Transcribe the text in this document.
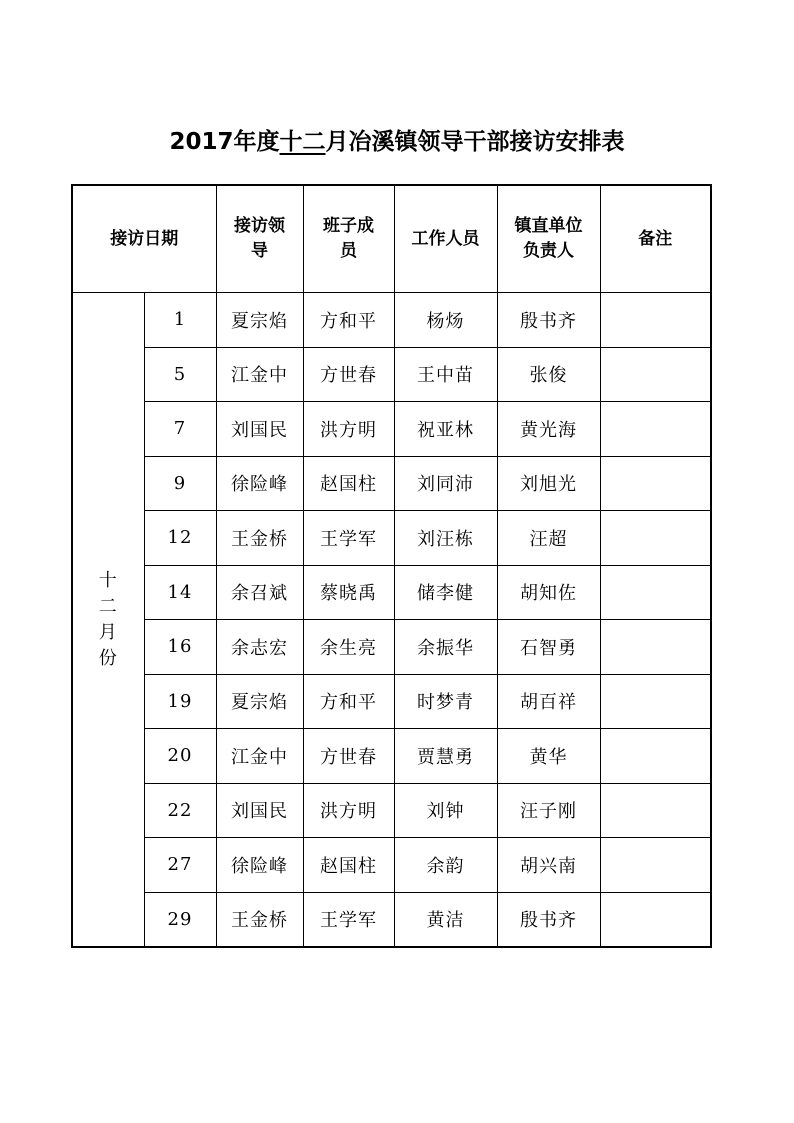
2017年度十二月冶溪镇领导干部接访安排表
接访日期		接访领导	班子成员	工作人员	镇直单位负责人	备注
十二月份	1	夏宗焰	方和平	杨炀	殷书齐	
	5	江金中	方世春	王中苗	张俊	
	7	刘国民	洪方明	祝亚林	黄光海	
	9	徐险峰	赵国柱	刘同沛	刘旭光	
	12	王金桥	王学军	刘汪栋	汪超	
	14	余召斌	蔡晓禹	储李健	胡知佐	
	16	余志宏	余生亮	余振华	石智勇	
	19	夏宗焰	方和平	时梦青	胡百祥	
	20	江金中	方世春	贾慧勇	黄华	
	22	刘国民	洪方明	刘钟	汪子刚	
	27	徐险峰	赵国柱	余韵	胡兴南	
	29	王金桥	王学军	黄洁	殷书齐	
